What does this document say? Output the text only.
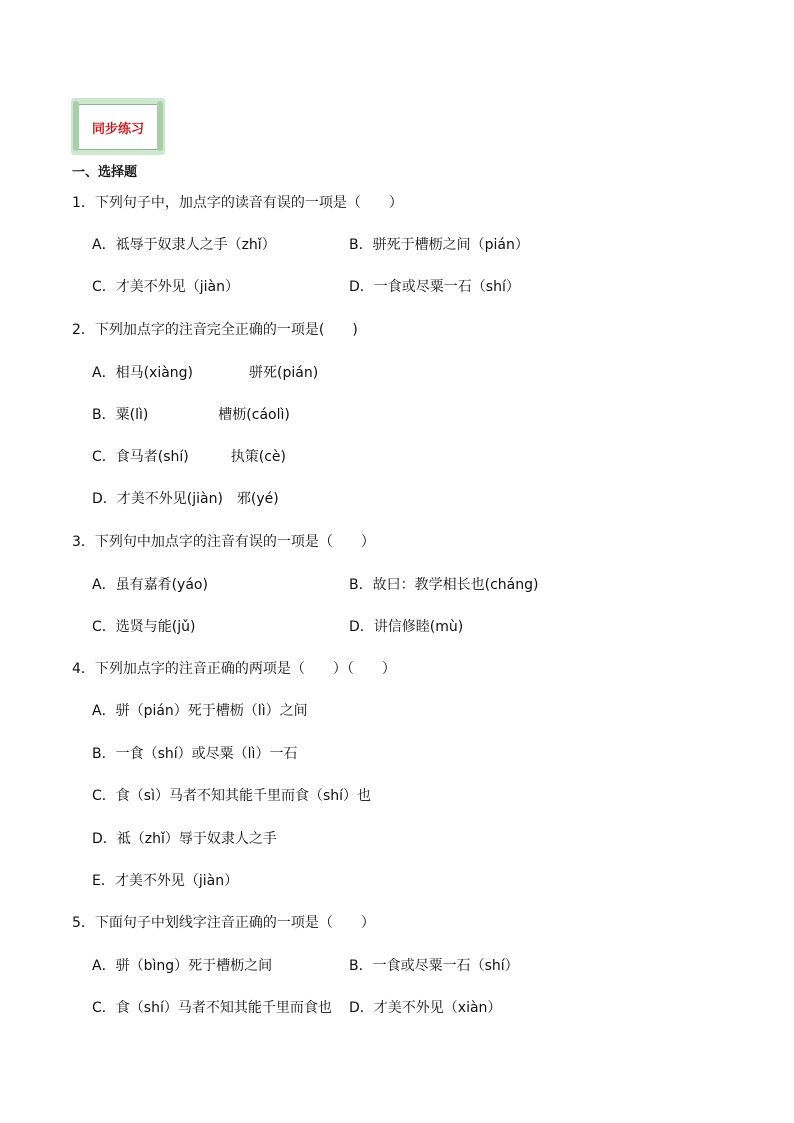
同步练习
一、选择题
1．下列句子中，加点字的读音有误的一项是（　　）
A．祗辱于奴隶人之手（zhǐ）	B．骈死于槽枥之间（pián）
C．才美不外见（jiàn）	D．一食或尽粟一石（shí）
2．下列加点字的注音完全正确的一项是(　　)
A．相马(xiàng)　　　　骈死(pián)
B．粟(lì)　　　　　槽枥(cáolì)
C．食马者(shí)　　　执策(cè)
D．才美不外见(jiàn)　邪(yé)
3．下列句中加点字的注音有误的一项是（　　）
A．虽有嘉肴(yáo)	B．故曰：教学相长也(cháng)
C．选贤与能(jǔ)	D．讲信修睦(mù)
4．下列加点字的注音正确的两项是（　　）（　　）
A．骈（pián）死于槽枥（lì）之间
B．一食（shí）或尽粟（lì）一石
C．食（sì）马者不知其能千里而食（shí）也
D．祗（zhǐ）辱于奴隶人之手
E．才美不外见（jiàn）
5．下面句子中划线字注音正确的一项是（　　）
A．骈（bìng）死于槽枥之间	B．一食或尽粟一石（shí）
C．食（shí）马者不知其能千里而食也 D．才美不外见（xiàn）
